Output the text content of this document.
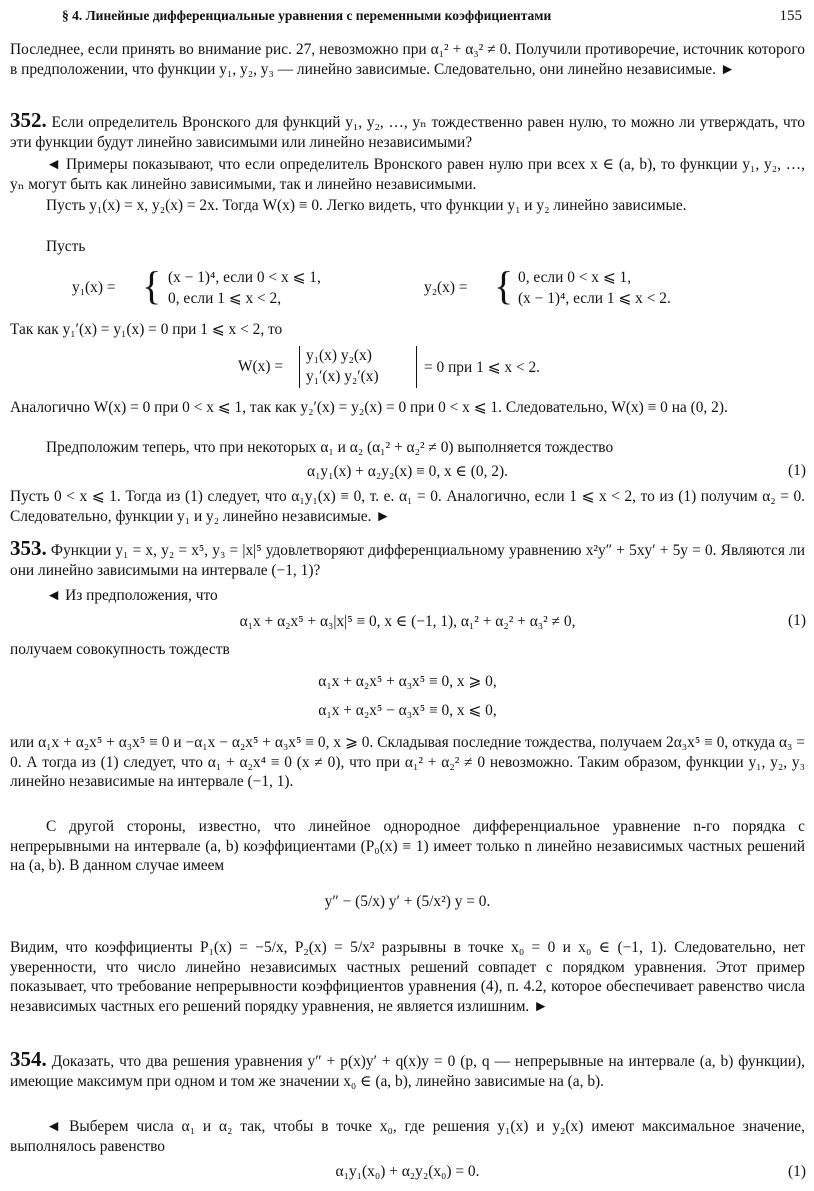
§ 4. Линейные дифференциальные уравнения с переменными коэффициентами	155
Последнее, если принять во внимание рис. 27, невозможно при α₁² + α₃² ≠ 0. Получили противоречие, источник которого в предположении, что функции y₁, y₂, y₃ — линейно зависимые. Следовательно, они линейно независимые. ►
352. Если определитель Вронского для функций y₁, y₂, …, yₙ тождественно равен нулю, то можно ли утверждать, что эти функции будут линейно зависимыми или линейно независимыми?
◄ Примеры показывают, что если определитель Вронского равен нулю при всех x ∈ (a, b), то функции y₁, y₂, …, yₙ могут быть как линейно зависимыми, так и линейно независимыми.
Пусть y₁(x) = x, y₂(x) = 2x. Тогда W(x) ≡ 0. Легко видеть, что функции y₁ и y₂ линейно зависимые.
Пусть
y₁(x) = { (x − 1)⁴, если 0 < x ⩽ 1,
0, если 1 ⩽ x < 2,
y₂(x) = { 0, если 0 < x ⩽ 1,
(x − 1)⁴, если 1 ⩽ x < 2.
Так как y₁′(x) = y₁(x) = 0 при 1 ⩽ x < 2, то
W(x) =
y₁(x) y₂(x)
y₁′(x) y₂′(x)
= 0 при 1 ⩽ x < 2.
Аналогично W(x) = 0 при 0 < x ⩽ 1, так как y₂′(x) = y₂(x) = 0 при 0 < x ⩽ 1. Следовательно, W(x) ≡ 0 на (0, 2).
Предположим теперь, что при некоторых α₁ и α₂ (α₁² + α₂² ≠ 0) выполняется тождество
α₁y₁(x) + α₂y₂(x) ≡ 0, x ∈ (0, 2).	(1)
Пусть 0 < x ⩽ 1. Тогда из (1) следует, что α₁y₁(x) ≡ 0, т. е. α₁ = 0. Аналогично, если 1 ⩽ x < 2, то из (1) получим α₂ = 0. Следовательно, функции y₁ и y₂ линейно независимые. ►
353. Функции y₁ = x, y₂ = x⁵, y₃ = |x|⁵ удовлетворяют дифференциальному уравнению x²y″ + 5xy′ + 5y = 0. Являются ли они линейно зависимыми на интервале (−1, 1)?
◄ Из предположения, что
α₁x + α₂x⁵ + α₃|x|⁵ ≡ 0, x ∈ (−1, 1), α₁² + α₂² + α₃² ≠ 0,	(1)
получаем совокупность тождеств
α₁x + α₂x⁵ + α₃x⁵ ≡ 0, x ⩾ 0,
α₁x + α₂x⁵ − α₃x⁵ ≡ 0, x ⩽ 0,
или α₁x + α₂x⁵ + α₃x⁵ ≡ 0 и −α₁x − α₂x⁵ + α₃x⁵ ≡ 0, x ⩾ 0. Складывая последние тождества, получаем 2α₃x⁵ ≡ 0, откуда α₃ = 0. А тогда из (1) следует, что α₁ + α₂x⁴ ≡ 0 (x ≠ 0), что при α₁² + α₂² ≠ 0 невозможно. Таким образом, функции y₁, y₂, y₃ линейно независимые на интервале (−1, 1).
С другой стороны, известно, что линейное однородное дифференциальное уравнение n-го порядка с непрерывными на интервале (a, b) коэффициентами (P₀(x) ≡ 1) имеет только n линейно независимых частных решений на (a, b). В данном случае имеем
y″ − (5/x) y′ + (5/x²) y = 0.
Видим, что коэффициенты P₁(x) = −5/x, P₂(x) = 5/x² разрывны в точке x₀ = 0 и x₀ ∈ (−1, 1). Следовательно, нет уверенности, что число линейно независимых частных решений совпадет с порядком уравнения. Этот пример показывает, что требование непрерывности коэффициентов уравнения (4), п. 4.2, которое обеспечивает равенство числа независимых частных его решений порядку уравнения, не является излишним. ►
354. Доказать, что два решения уравнения y″ + p(x)y′ + q(x)y = 0 (p, q — непрерывные на интервале (a, b) функции), имеющие максимум при одном и том же значении x₀ ∈ (a, b), линейно зависимые на (a, b).
◄ Выберем числа α₁ и α₂ так, чтобы в точке x₀, где решения y₁(x) и y₂(x) имеют максимальное значение, выполнялось равенство
α₁y₁(x₀) + α₂y₂(x₀) = 0.	(1)
